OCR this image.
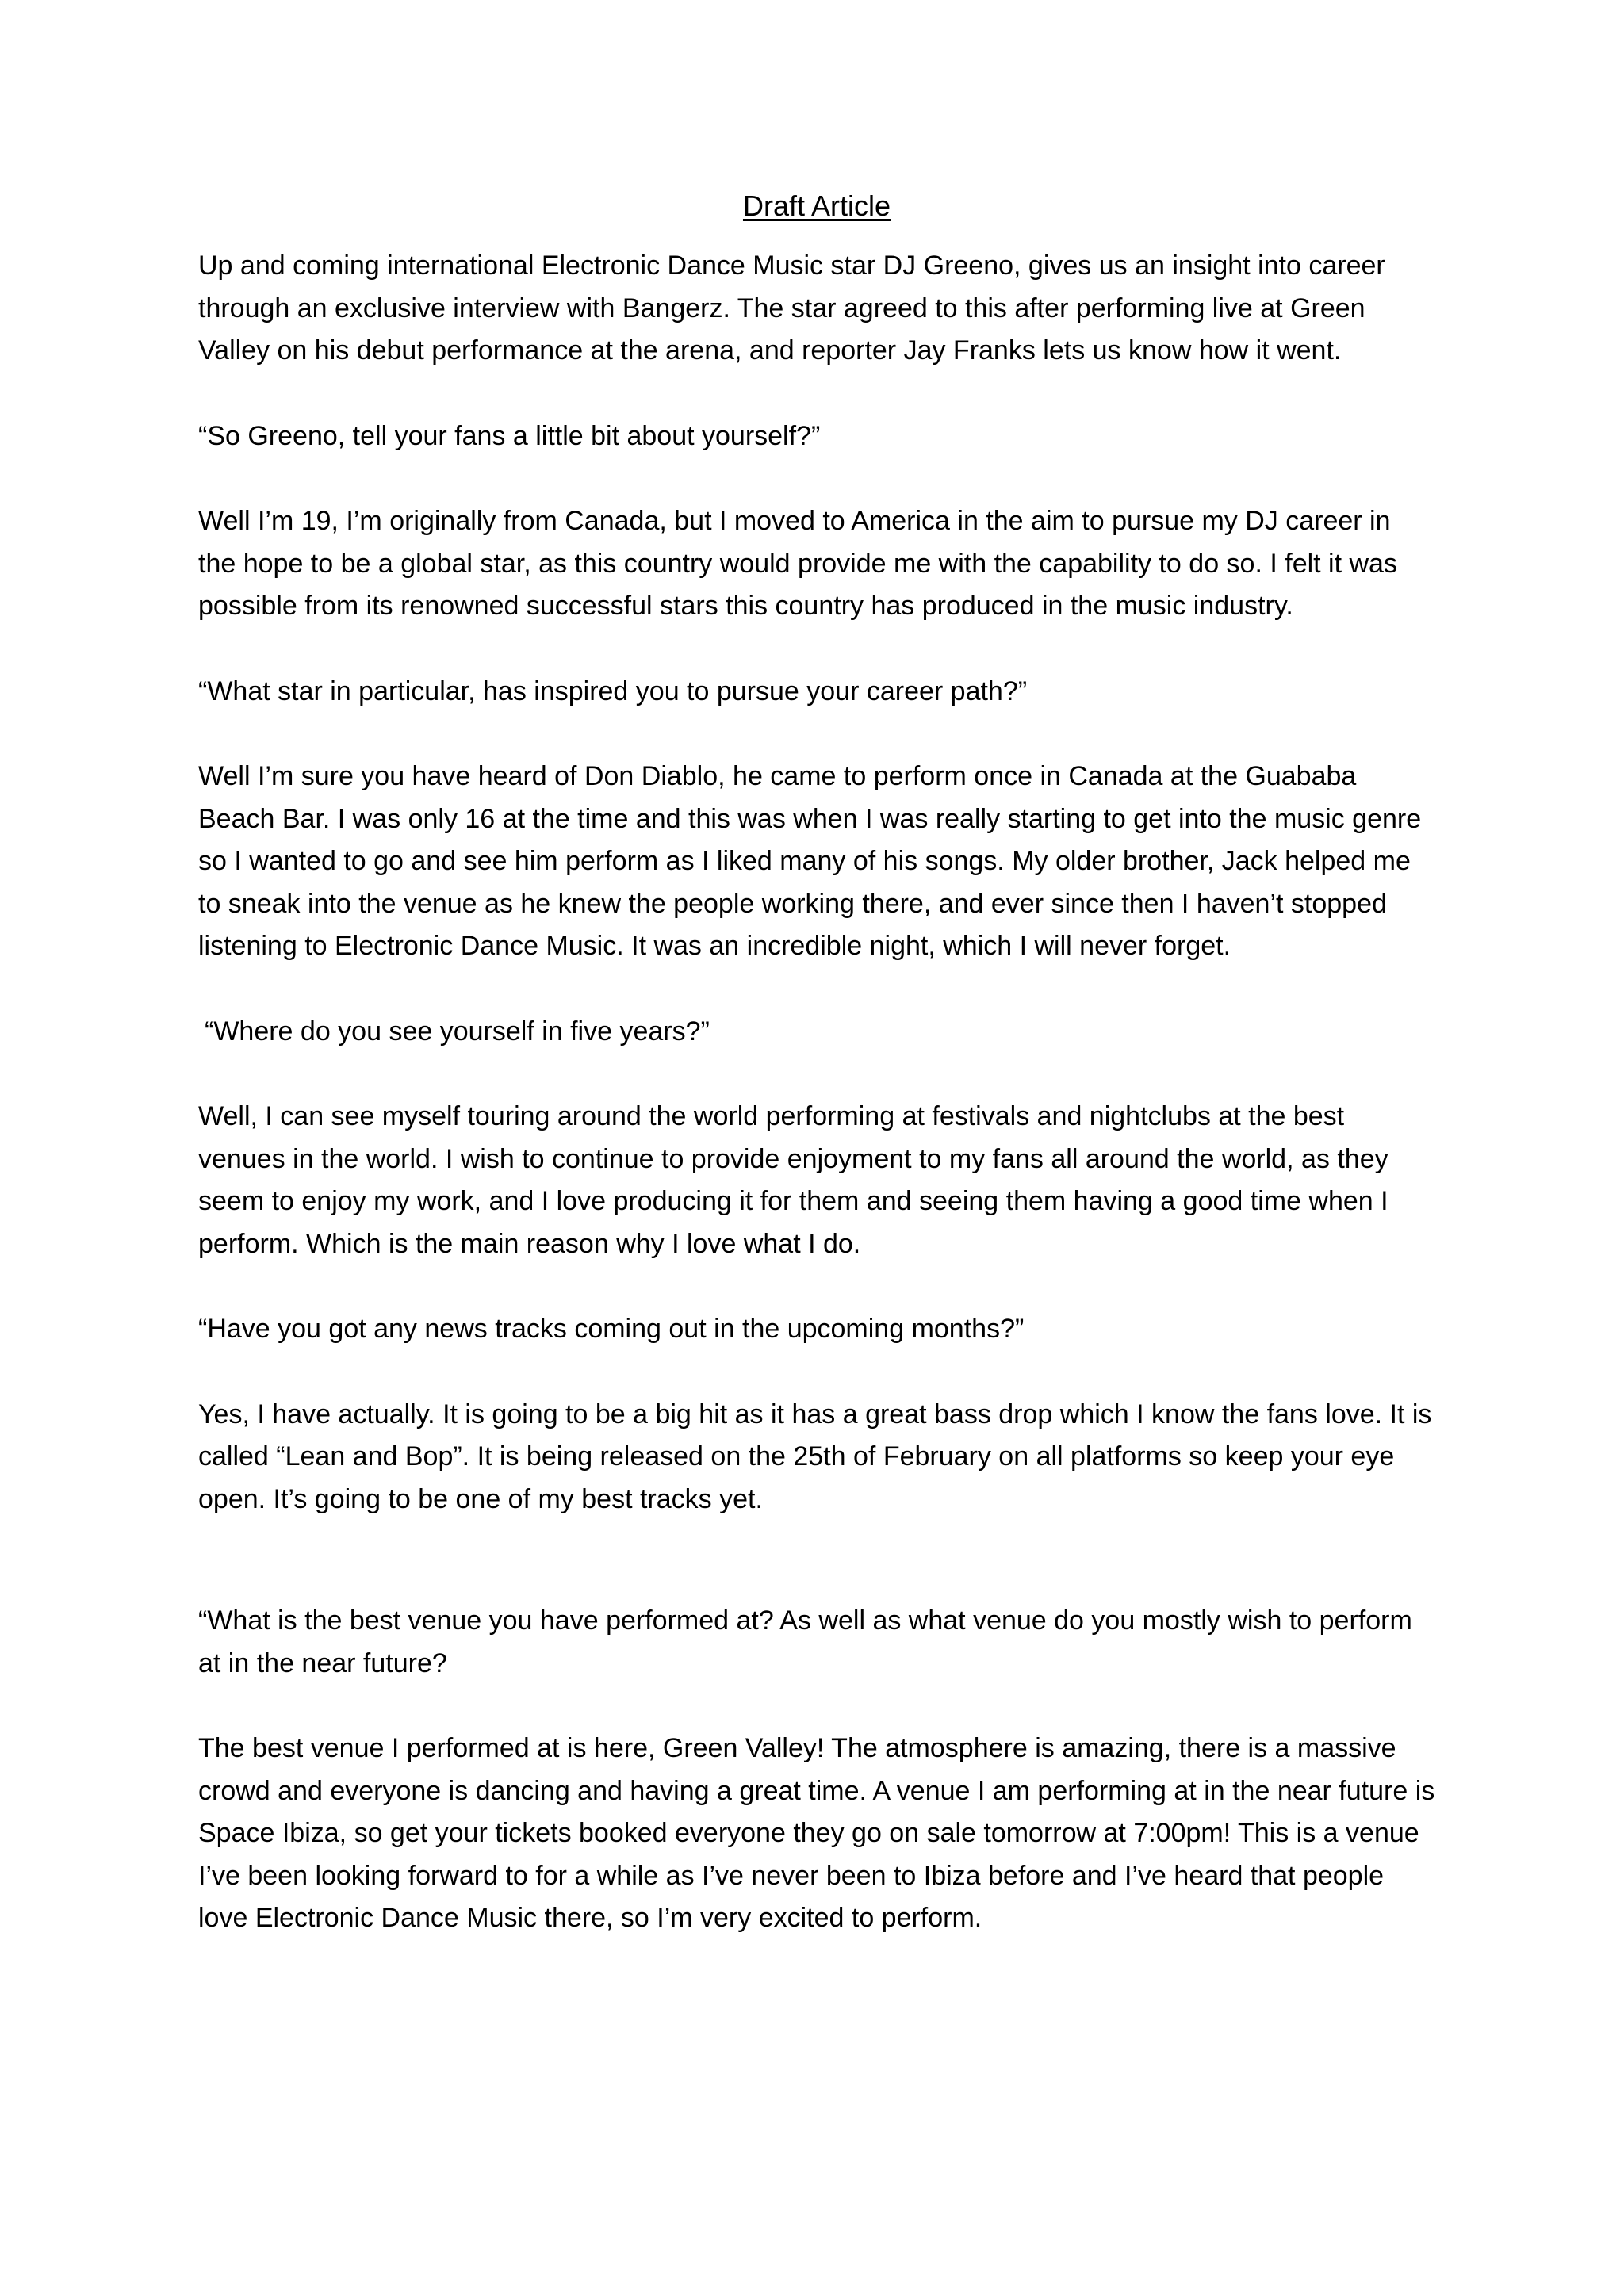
Draft Article

Up and coming international Electronic Dance Music star DJ Greeno, gives us an insight into career through an exclusive interview with Bangerz. The star agreed to this after performing live at Green Valley on his debut performance at the arena, and reporter Jay Franks lets us know how it went.

“So Greeno, tell your fans a little bit about yourself?”

Well I’m 19, I’m originally from Canada, but I moved to America in the aim to pursue my DJ career in the hope to be a global star, as this country would provide me with the capability to do so. I felt it was possible from its renowned successful stars this country has produced in the music industry.

“What star in particular, has inspired you to pursue your career path?”

Well I’m sure you have heard of Don Diablo, he came to perform once in Canada at the Guababa Beach Bar. I was only 16 at the time and this was when I was really starting to get into the music genre so I wanted to go and see him perform as I liked many of his songs. My older brother, Jack helped me to sneak into the venue as he knew the people working there, and ever since then I haven’t stopped listening to Electronic Dance Music. It was an incredible night, which I will never forget.

“Where do you see yourself in five years?”

Well, I can see myself touring around the world performing at festivals and nightclubs at the best venues in the world. I wish to continue to provide enjoyment to my fans all around the world, as they seem to enjoy my work, and I love producing it for them and seeing them having a good time when I perform. Which is the main reason why I love what I do.

“Have you got any news tracks coming out in the upcoming months?”

Yes, I have actually. It is going to be a big hit as it has a great bass drop which I know the fans love. It is called “Lean and Bop”. It is being released on the 25th of February on all platforms so keep your eye open. It’s going to be one of my best tracks yet.

“What is the best venue you have performed at? As well as what venue do you mostly wish to perform at in the near future?

The best venue I performed at is here, Green Valley! The atmosphere is amazing, there is a massive crowd and everyone is dancing and having a great time. A venue I am performing at in the near future is Space Ibiza, so get your tickets booked everyone they go on sale tomorrow at 7:00pm! This is a venue I’ve been looking forward to for a while as I’ve never been to Ibiza before and I’ve heard that people love Electronic Dance Music there, so I’m very excited to perform.
